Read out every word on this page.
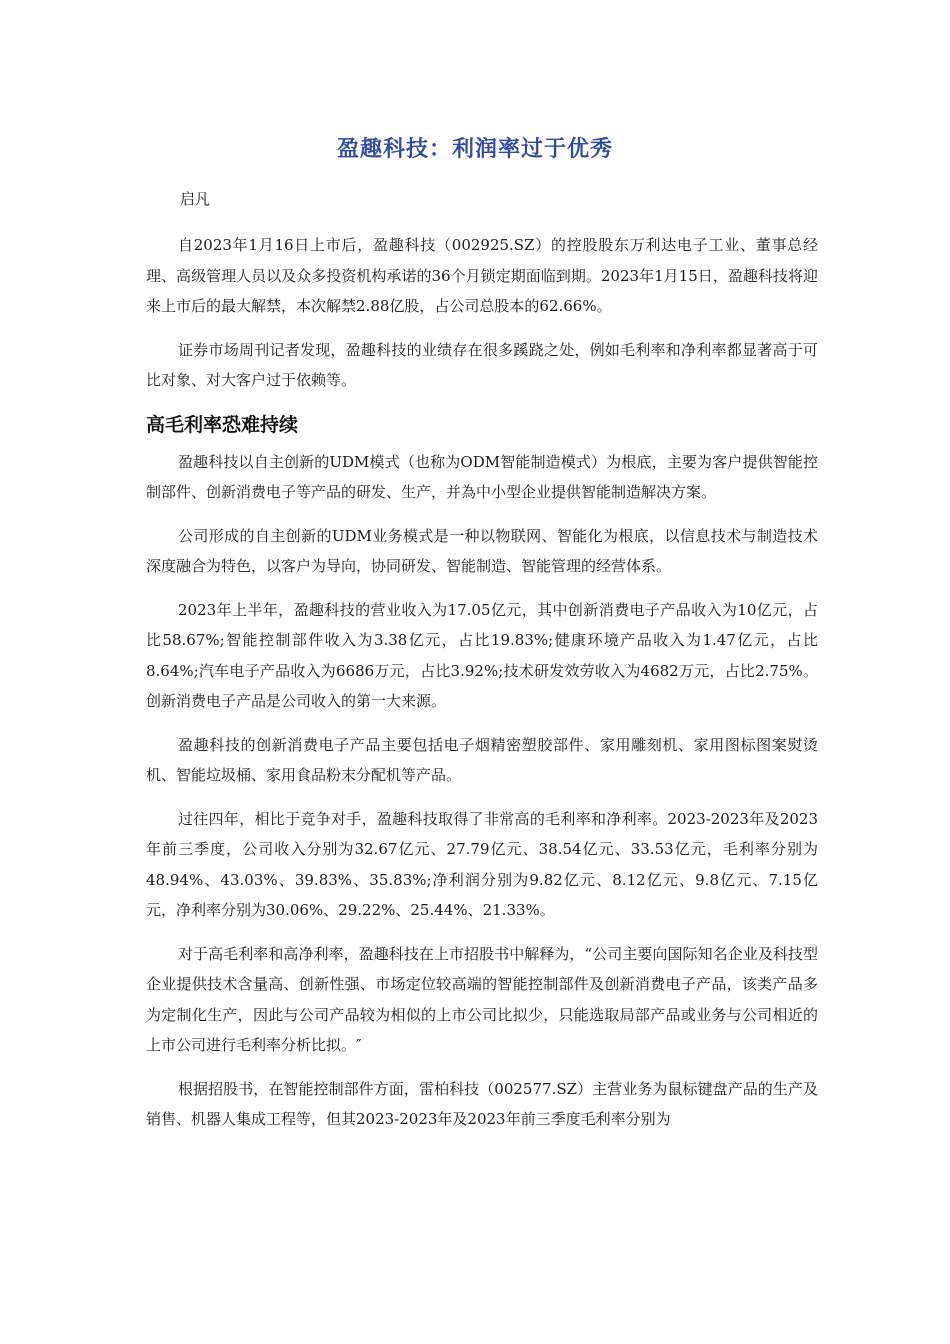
盈趣科技：利润率过于优秀

启凡

自2023年1月16日上市后，盈趣科技（002925.SZ）的控股股东万利达电子工业、董事总经理、高级管理人员以及众多投资机构承诺的36个月锁定期面临到期。2023年1月15日，盈趣科技将迎来上市后的最大解禁，本次解禁2.88亿股，占公司总股本的62.66%。

证券市场周刊记者发现，盈趣科技的业绩存在很多蹊跷之处，例如毛利率和净利率都显著高于可比对象、对大客户过于依赖等。

高毛利率恐难持续

盈趣科技以自主创新的UDM模式（也称为ODM智能制造模式）为根底，主要为客户提供智能控制部件、创新消费电子等产品的研发、生产，并為中小型企业提供智能制造解决方案。

公司形成的自主创新的UDM业务模式是一种以物联网、智能化为根底，以信息技术与制造技术深度融合为特色，以客户为导向，协同研发、智能制造、智能管理的经营体系。

2023年上半年，盈趣科技的营业收入为17.05亿元，其中创新消费电子产品收入为10亿元，占比58.67%;智能控制部件收入为3.38亿元，占比19.83%;健康环境产品收入为1.47亿元，占比8.64%;汽车电子产品收入为6686万元，占比3.92%;技术研发效劳收入为4682万元，占比2.75%。创新消费电子产品是公司收入的第一大来源。

盈趣科技的创新消费电子产品主要包括电子烟精密塑胶部件、家用雕刻机、家用图标图案熨烫机、智能垃圾桶、家用食品粉末分配机等产品。

过往四年，相比于竞争对手，盈趣科技取得了非常高的毛利率和净利率。2023-2023年及2023年前三季度，公司收入分别为32.67亿元、27.79亿元、38.54亿元、33.53亿元，毛利率分别为48.94%、43.03%、39.83%、35.83%;净利润分别为9.82亿元、8.12亿元、9.8亿元、7.15亿元，净利率分别为30.06%、29.22%、25.44%、21.33%。

对于高毛利率和高净利率，盈趣科技在上市招股书中解释为，“公司主要向国际知名企业及科技型企业提供技术含量高、创新性强、市场定位较高端的智能控制部件及创新消费电子产品，该类产品多为定制化生产，因此与公司产品较为相似的上市公司比拟少，只能选取局部产品或业务与公司相近的上市公司进行毛利率分析比拟。″

根据招股书，在智能控制部件方面，雷柏科技（002577.SZ）主营业务为鼠标键盘产品的生产及销售、机器人集成工程等，但其2023-2023年及2023年前三季度毛利率分别为
